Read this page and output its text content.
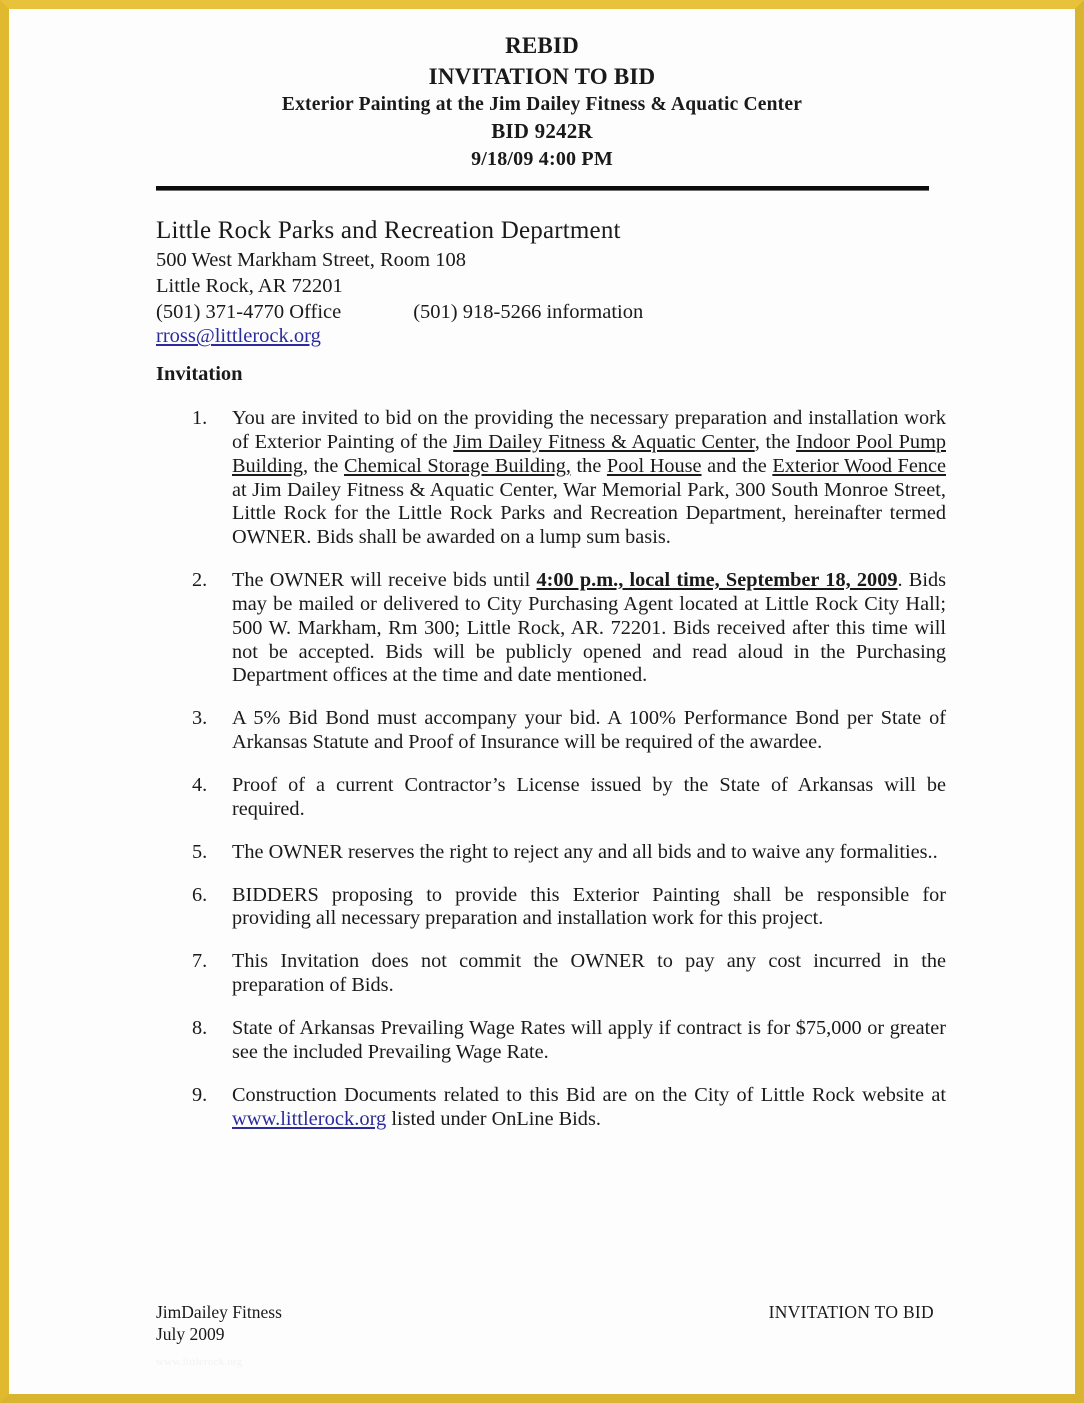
REBID
INVITATION TO BID
Exterior Painting at the Jim Dailey Fitness & Aquatic Center
BID 9242R
9/18/09 4:00 PM
Little Rock Parks and Recreation Department
500 West Markham Street, Room 108
Little Rock, AR 72201
(501) 371-4770 Office	(501) 918-5266 information
rross@littlerock.org
Invitation
1.	You are invited to bid on the providing the necessary preparation and installation work of Exterior Painting of the Jim Dailey Fitness & Aquatic Center, the Indoor Pool Pump Building, the Chemical Storage Building, the Pool House and the Exterior Wood Fence at Jim Dailey Fitness & Aquatic Center, War Memorial Park, 300 South Monroe Street, Little Rock for the Little Rock Parks and Recreation Department, hereinafter termed OWNER. Bids shall be awarded on a lump sum basis.
2.	The OWNER will receive bids until 4:00 p.m., local time, September 18, 2009. Bids may be mailed or delivered to City Purchasing Agent located at Little Rock City Hall; 500 W. Markham, Rm 300; Little Rock, AR. 72201. Bids received after this time will not be accepted. Bids will be publicly opened and read aloud in the Purchasing Department offices at the time and date mentioned.
3.	A 5% Bid Bond must accompany your bid. A 100% Performance Bond per State of Arkansas Statute and Proof of Insurance will be required of the awardee.
4.	Proof of a current Contractor’s License issued by the State of Arkansas will be required.
5.	The OWNER reserves the right to reject any and all bids and to waive any formalities..
6.	BIDDERS proposing to provide this Exterior Painting shall be responsible for providing all necessary preparation and installation work for this project.
7.	This Invitation does not commit the OWNER to pay any cost incurred in the preparation of Bids.
8.	State of Arkansas Prevailing Wage Rates will apply if contract is for $75,000 or greater see the included Prevailing Wage Rate.
9.	Construction Documents related to this Bid are on the City of Little Rock website at www.littlerock.org listed under OnLine Bids.
JimDailey Fitness
July 2009
INVITATION TO BID
www.littlerock.org
